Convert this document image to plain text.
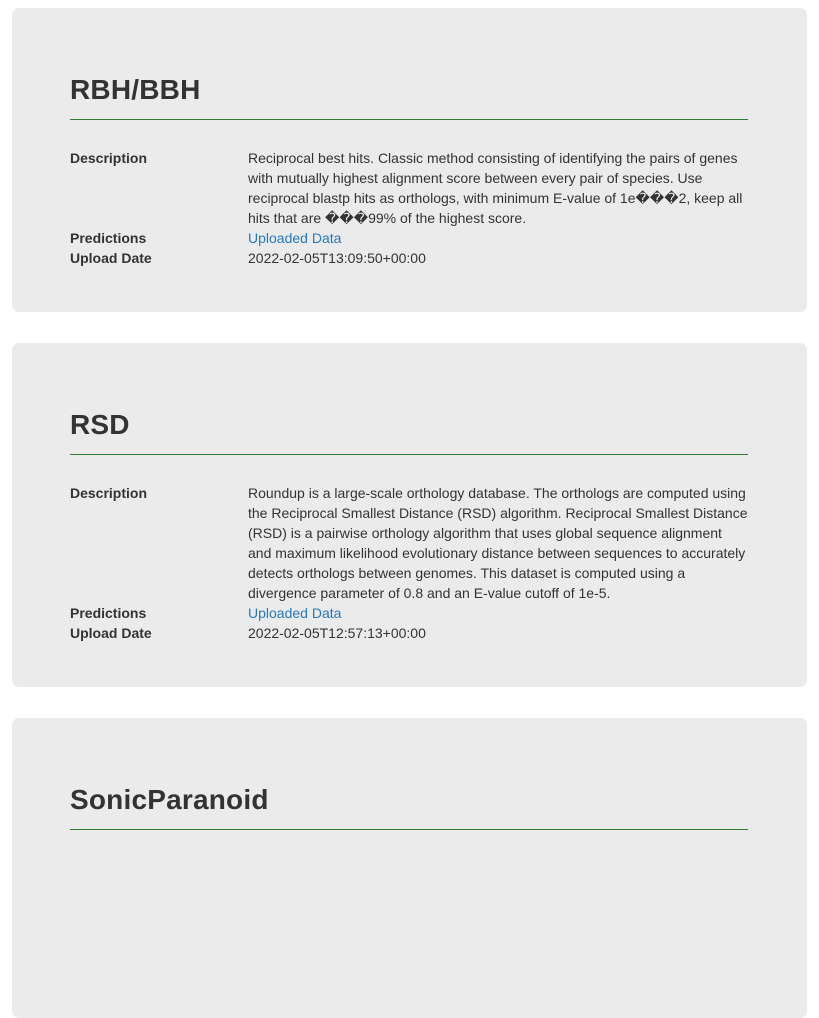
RBH/BBH
Description	Reciprocal best hits. Classic method consisting of identifying the pairs of genes with mutually highest alignment score between every pair of species. Use reciprocal blastp hits as orthologs, with minimum E-value of 1e���2, keep all hits that are ���99% of the highest score.
Predictions	Uploaded Data
Upload Date	2022-02-05T13:09:50+00:00
RSD
Description	Roundup is a large-scale orthology database. The orthologs are computed using the Reciprocal Smallest Distance (RSD) algorithm. Reciprocal Smallest Distance (RSD) is a pairwise orthology algorithm that uses global sequence alignment and maximum likelihood evolutionary distance between sequences to accurately detects orthologs between genomes. This dataset is computed using a divergence parameter of 0.8 and an E-value cutoff of 1e-5.
Predictions	Uploaded Data
Upload Date	2022-02-05T12:57:13+00:00
SonicParanoid
